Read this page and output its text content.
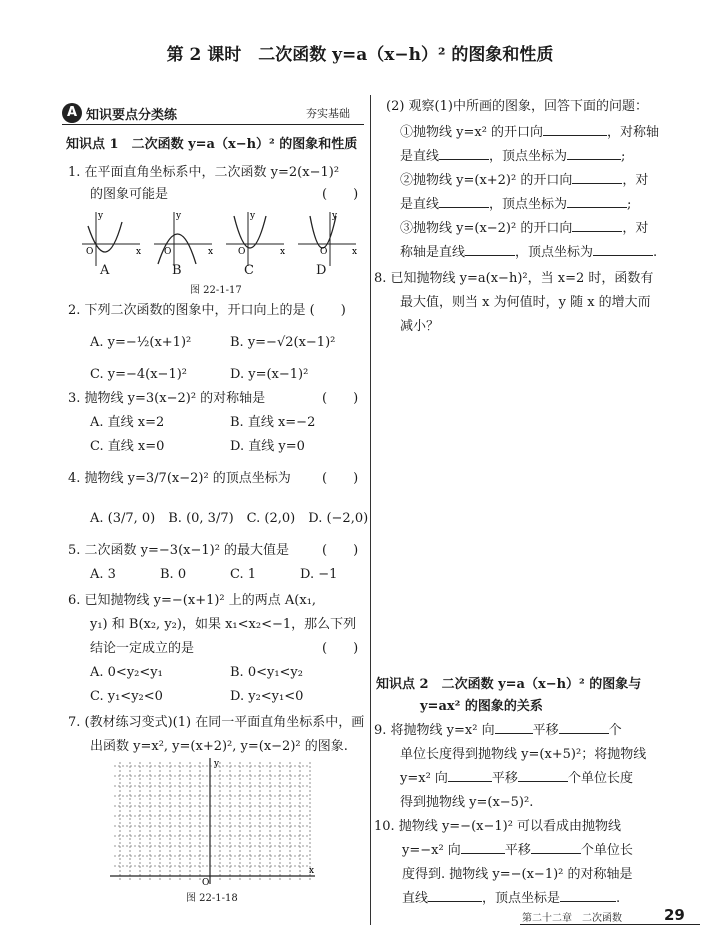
第 2 课时　二次函数 y=a（x−h）² 的图象和性质
A 知识要点分类练	夯实基础
知识点 1　二次函数 y=a（x−h）² 的图象和性质
1. 在平面直角坐标系中，二次函数 y=2(x−1)²
的图象可能是	(　　)
y
x
O
y
x
O
y
x
O
y
x
O
A	B	C	D
图 22-1-17
2. 下列二次函数的图象中，开口向上的是 (　　)
A. y=−½(x+1)²	B. y=−√2(x−1)²
C. y=−4(x−1)²	D. y=(x−1)²
3. 抛物线 y=3(x−2)² 的对称轴是	(　　)
A. 直线 x=2	B. 直线 x=−2
C. 直线 x=0	D. 直线 y=0
4. 抛物线 y=3/7(x−2)² 的顶点坐标为 (　　)
A. (3/7, 0)　B. (0, 3/7)　C. (2,0)　D. (−2,0)
5. 二次函数 y=−3(x−1)² 的最大值是	(　　)
A. 3	B. 0	C. 1	D. −1
6. 已知抛物线 y=−(x+1)² 上的两点 A(x₁,
y₁) 和 B(x₂, y₂)，如果 x₁<x₂<−1，那么下列
结论一定成立的是	(　　)
A. 0<y₂<y₁	B. 0<y₁<y₂
C. y₁<y₂<0	D. y₂<y₁<0
7. (教材练习变式)(1) 在同一平面直角坐标系中，画
出函数 y=x², y=(x+2)², y=(x−2)² 的图象.
x
y
O
图 22-1-18
(2) 观察(1)中所画的图象，回答下面的问题：
①抛物线 y=x² 的开口向	，对称轴
是直线	，顶点坐标为	;
②抛物线 y=(x+2)² 的开口向	，对
是直线	，顶点坐标为	;
③抛物线 y=(x−2)² 的开口向	，对
称轴是直线	，顶点坐标为	.
8. 已知抛物线 y=a(x−h)²，当 x=2 时，函数有
最大值，则当 x 为何值时，y 随 x 的增大而
减小？
知识点 2　二次函数 y=a（x−h）² 的图象与
y=ax² 的图象的关系
9. 将抛物线 y=x² 向	平移	个
单位长度得到抛物线 y=(x+5)²；将抛物线
y=x² 向	平移	个单位长度
得到抛物线 y=(x−5)².
10. 抛物线 y=−(x−1)² 可以看成由抛物线
y=−x² 向	平移	个单位长
度得到. 抛物线 y=−(x−1)² 的对称轴是
直线	，顶点坐标是	.
第二十二章　二次函数	29
